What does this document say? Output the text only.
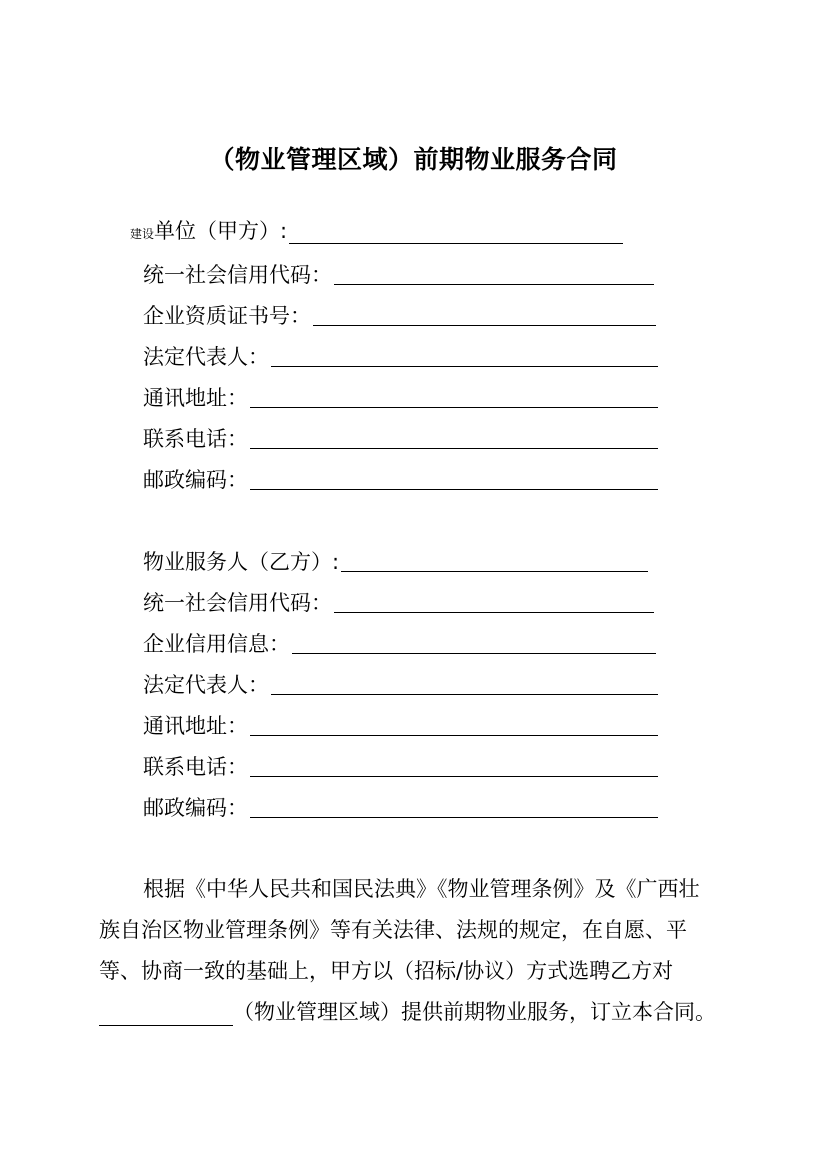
（物业管理区域）前期物业服务合同
建设单位（甲方）:
统一社会信用代码：
企业资质证书号：
法定代表人：
通讯地址：
联系电话：
邮政编码：
物业服务人（乙方）:
统一社会信用代码：
企业信用信息：
法定代表人：
通讯地址：
联系电话：
邮政编码：
根据《中华人民共和国民法典》《物业管理条例》及《广西壮
族自治区物业管理条例》等有关法律、法规的规定，在自愿、平
等、协商一致的基础上，甲方以（招标/协议）方式选聘乙方对
（物业管理区域）提供前期物业服务，订立本合同。
